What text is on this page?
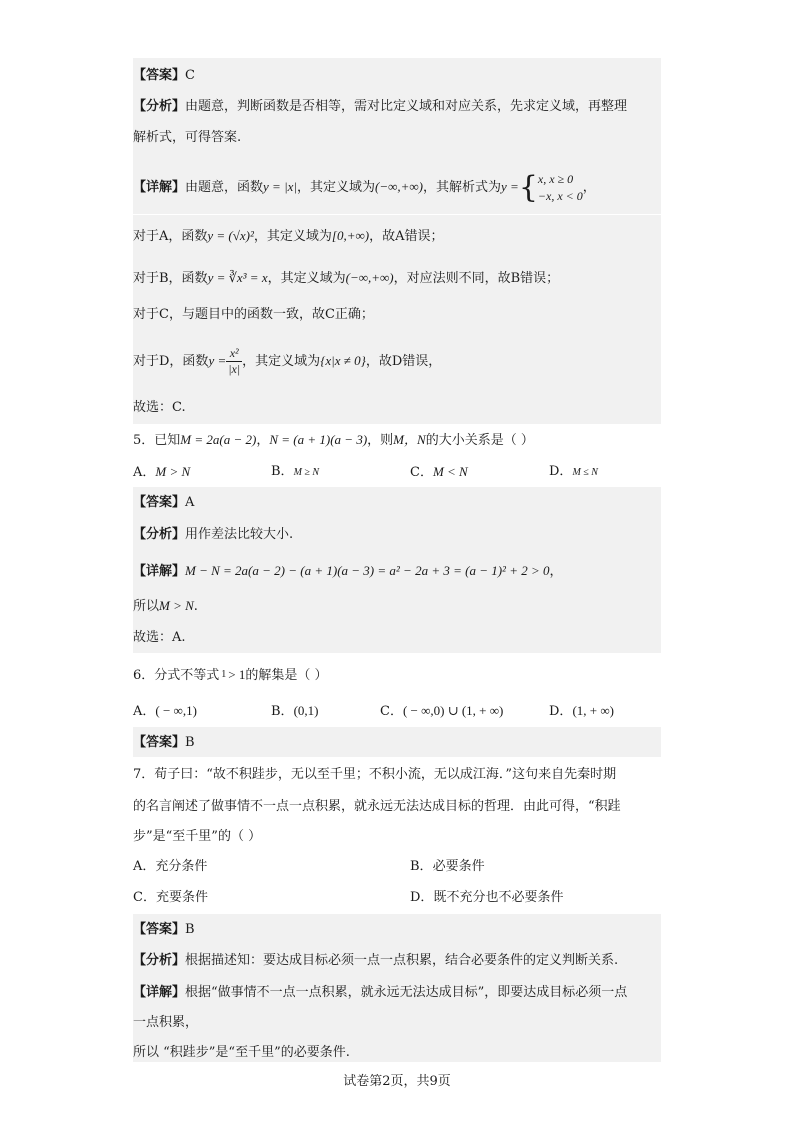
【答案】C
【分析】由题意，判断函数是否相等，需对比定义域和对应关系，先求定义域，再整理
解析式，可得答案.
【详解】由题意，函数y = |x|，其定义域为(−∞,+∞)，其解析式为y ={ x, x ≥ 0
−x, x < 0
，
对于A，函数y = (√x)²，其定义域为[0,+∞)，故A错误；
对于B，函数y = ∛x³ = x，其定义域为(−∞,+∞)，对应法则不同，故B错误；
对于C，与题目中的函数一致，故C正确；
对于D，函数$y = \frac{\text{x²}}{|x|}$ ，其定义域为{x|x ≠ 0}，故D错误，
故选：C.
5．已知M = 2a(a − 2)，N = (a + 1)(a − 3)，则M，N的大小关系是（ ）
A．M > N	B．M ≥ N	C．M < N	D．M ≤ N
【答案】A
【分析】用作差法比较大小.
【详解】M − N = 2a(a − 2) − (a + 1)(a − 3) = a² − 2a + 3 = (a − 1)² + 2 > 0，
所以M > N.
故选：A.
6．分式不等式 1 > 1的解集是（ ）
A．( − ∞,1)	B．(0,1)	C．( − ∞,0) ∪ (1, + ∞)	D．(1, + ∞)
【答案】B
7．荀子曰：“故不积跬步，无以至千里；不积小流，无以成江海．”这句来自先秦时期
的名言阐述了做事情不一点一点积累，就永远无法达成目标的哲理．由此可得，“积跬
步”是“至千里”的（ ）
A．充分条件	B．必要条件
C．充要条件	D．既不充分也不必要条件
【答案】B
【分析】根据描述知：要达成目标必须一点一点积累，结合必要条件的定义判断关系.
【详解】根据“做事情不一点一点积累，就永远无法达成目标”，即要达成目标必须一点
一点积累，
所以 “积跬步”是“至千里”的必要条件.
试卷第2页，共9页
